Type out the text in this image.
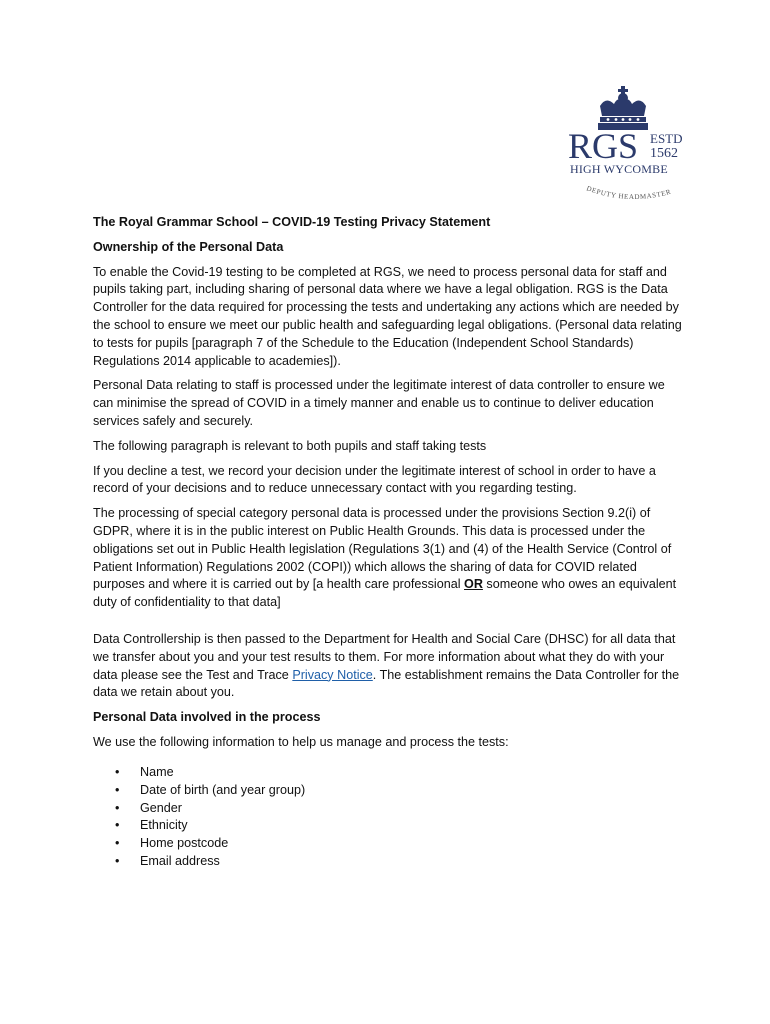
RGS ESTD
1562
HIGH WYCOMBE
DEPUTY HEADMASTER
The Royal Grammar School – COVID-19 Testing Privacy Statement
Ownership of the Personal Data

To enable the Covid-19 testing to be completed at RGS, we need to process personal data for staff and pupils taking part, including sharing of personal data where we have a legal obligation. RGS is the Data Controller for the data required for processing the tests and undertaking any actions which are needed by the school to ensure we meet our public health and safeguarding legal obligations. (Personal data relating to tests for pupils [paragraph 7 of the Schedule to the Education (Independent School Standards) Regulations 2014 applicable to academies]).

Personal Data relating to staff is processed under the legitimate interest of data controller to ensure we can minimise the spread of COVID in a timely manner and enable us to continue to deliver education services safely and securely.

The following paragraph is relevant to both pupils and staff taking tests

If you decline a test, we record your decision under the legitimate interest of school in order to have a record of your decisions and to reduce unnecessary contact with you regarding testing.

The processing of special category personal data is processed under the provisions Section 9.2(i) of GDPR, where it is in the public interest on Public Health Grounds. This data is processed under the obligations set out in Public Health legislation (Regulations 3(1) and (4) of the Health Service (Control of Patient Information) Regulations 2002 (COPI)) which allows the sharing of data for COVID related purposes and where it is carried out by [a health care professional OR someone who owes an equivalent duty of confidentiality to that data]

Data Controllership is then passed to the Department for Health and Social Care (DHSC) for all data that we transfer about you and your test results to them. For more information about what they do with your data please see the Test and Trace Privacy Notice. The establishment remains the Data Controller for the data we retain about you.

Personal Data involved in the process

We use the following information to help us manage and process the tests:

• Name
• Date of birth (and year group)
• Gender
• Ethnicity
• Home postcode
• Email address
